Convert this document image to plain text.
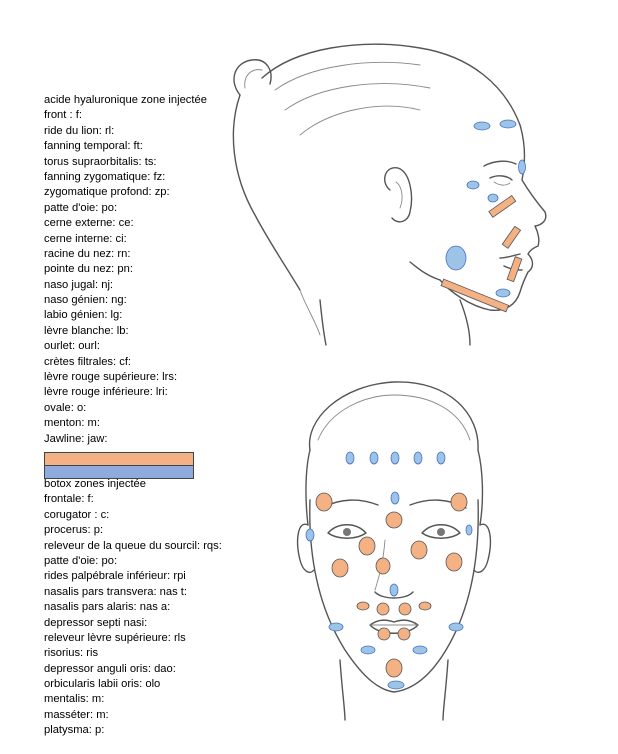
acide hyaluronique zone injectée
front : f:
ride du lion: rl:
fanning temporal: ft:
torus supraorbitalis: ts:
fanning zygomatique: fz:
zygomatique profond: zp:
patte d'oie: po:
cerne externe: ce:
cerne interne: ci:
racine du nez: rn:
pointe du nez: pn:
naso jugal: nj:
naso génien: ng:
labio génien: lg:
lèvre blanche: lb:
ourlet: ourl:
crètes filtrales: cf:
lèvre rouge supérieure: lrs:
lèvre rouge inférieure: lri:
ovale: o:
menton: m:
Jawline: jaw:
botox zones injectée
frontale: f:
corugator : c:
procerus: p:
releveur de la queue du sourcil: rqs:
patte d'oie: po:
rides palpébrale inférieur: rpi
nasalis pars transvera: nas t:
nasalis pars alaris: nas a:
depressor septi nasi:
releveur lèvre supérieure: rls
risorius: ris
depressor anguli oris: dao:
orbicularis labii oris: olo
mentalis: m:
masséter: m:
platysma: p:
